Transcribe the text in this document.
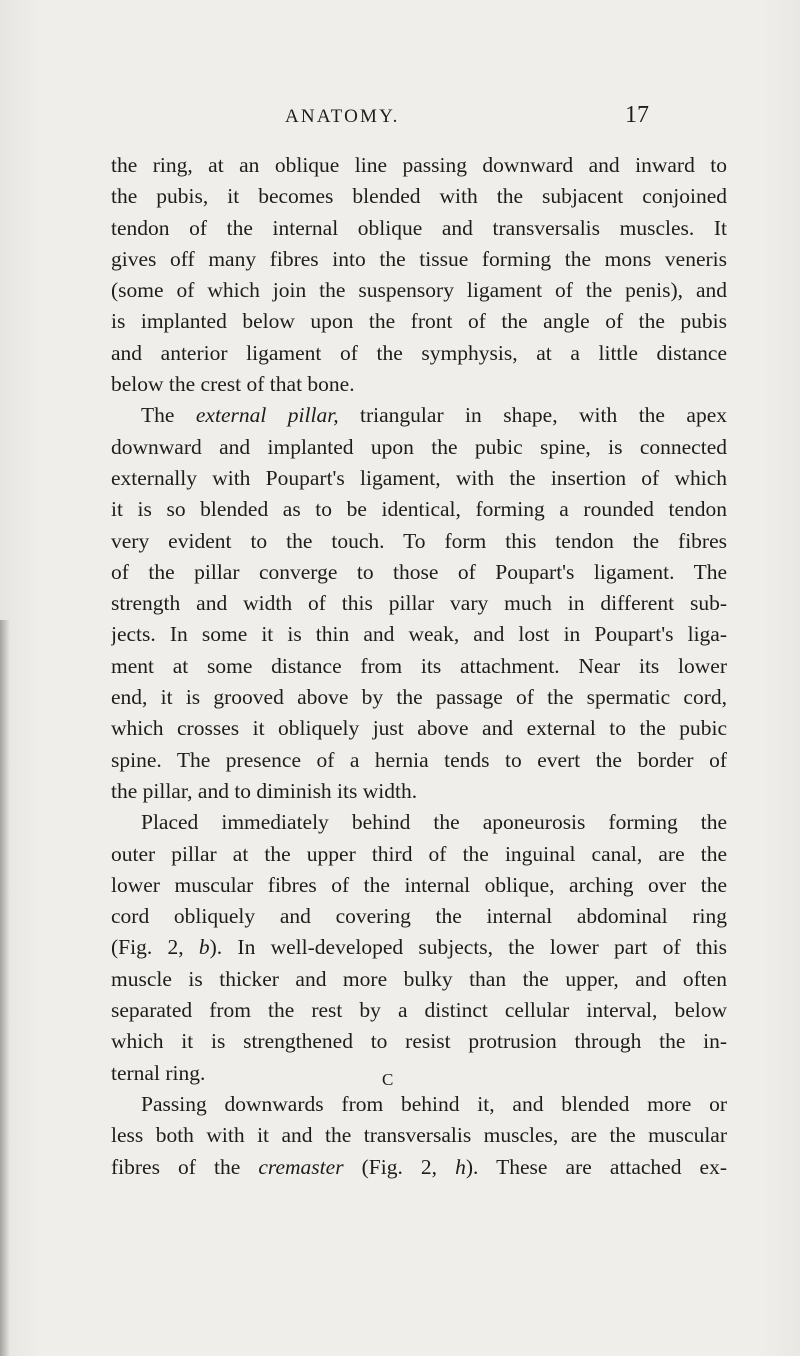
ANATOMY.	17
the ring, at an oblique line passing downward and inward to
the pubis, it becomes blended with the subjacent conjoined
tendon of the internal oblique and transversalis muscles. It
gives off many fibres into the tissue forming the mons veneris
(some of which join the suspensory ligament of the penis), and
is implanted below upon the front of the angle of the pubis
and anterior ligament of the symphysis, at a little distance
below the crest of that bone.
The external pillar, triangular in shape, with the apex
downward and implanted upon the pubic spine, is connected
externally with Poupart's ligament, with the insertion of which
it is so blended as to be identical, forming a rounded tendon
very evident to the touch. To form this tendon the fibres
of the pillar converge to those of Poupart's ligament. The
strength and width of this pillar vary much in different sub-
jects. In some it is thin and weak, and lost in Poupart's liga-
ment at some distance from its attachment. Near its lower
end, it is grooved above by the passage of the spermatic cord,
which crosses it obliquely just above and external to the pubic
spine. The presence of a hernia tends to evert the border of
the pillar, and to diminish its width.
Placed immediately behind the aponeurosis forming the
outer pillar at the upper third of the inguinal canal, are the
lower muscular fibres of the internal oblique, arching over the
cord obliquely and covering the internal abdominal ring
(Fig. 2, b). In well-developed subjects, the lower part of this
muscle is thicker and more bulky than the upper, and often
separated from the rest by a distinct cellular interval, below
which it is strengthened to resist protrusion through the in-
ternal ring.
Passing downwards from behind it, and blended more or
less both with it and the transversalis muscles, are the muscular
fibres of the cremaster (Fig. 2, h). These are attached ex-
C
